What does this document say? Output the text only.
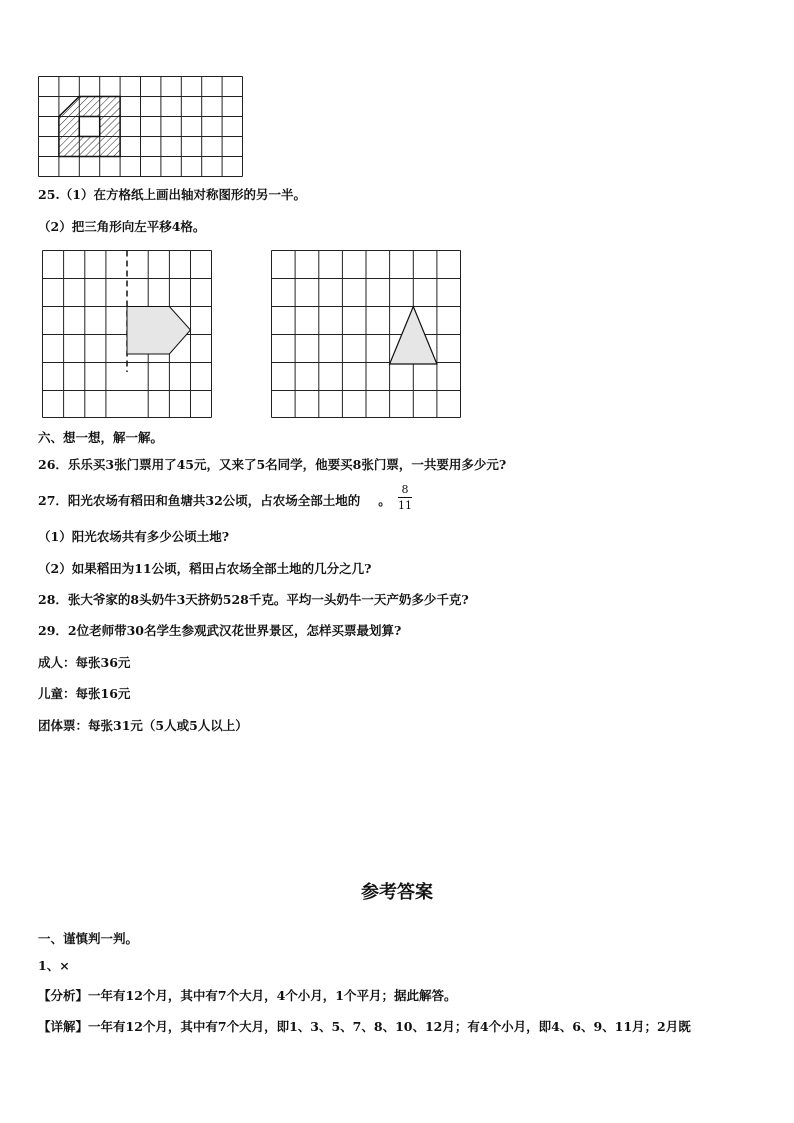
25.（1）在方格纸上画出轴对称图形的另一半。
（2）把三角形向左平移4格。
六、想一想，解一解。
26．乐乐买3张门票用了45元，又来了5名同学，他要买8张门票，一共要用多少元?
27．阳光农场有稻田和鱼塘共32公顷，占农场全部土地的 。
8
11
（1）阳光农场共有多少公顷土地?
（2）如果稻田为11公顷，稻田占农场全部土地的几分之几?
28．张大爷家的8头奶牛3天挤奶528千克。平均一头奶牛一天产奶多少千克?
29．2位老师带30名学生参观武汉花世界景区，怎样买票最划算?
成人：每张36元
儿童：每张16元
团体票：每张31元（5人或5人以上）
参考答案
一、谨慎判一判。
1、×
【分析】一年有12个月，其中有7个大月，4个小月，1个平月；据此解答。
【详解】一年有12个月，其中有7个大月，即1、3、5、7、8、10、12月；有4个小月，即4、6、9、11月；2月既
